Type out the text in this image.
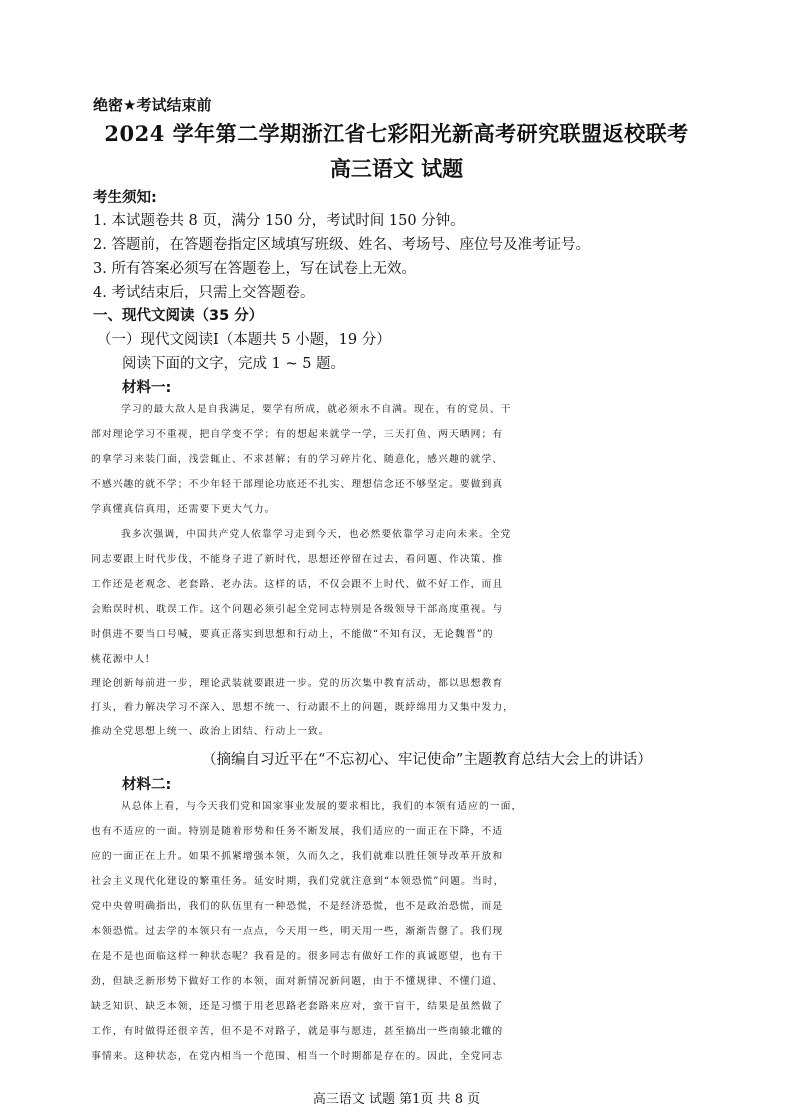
绝密★考试结束前
2024 学年第二学期浙江省七彩阳光新高考研究联盟返校联考
高三语文 试题
考生须知:
1. 本试题卷共 8 页，满分 150 分，考试时间 150 分钟。
2. 答题前，在答题卷指定区域填写班级、姓名、考场号、座位号及准考证号。
3. 所有答案必须写在答题卷上，写在试卷上无效。
4. 考试结束后，只需上交答题卷。
一、现代文阅读（35 分）
（一）现代文阅读Ⅰ（本题共 5 小题，19 分）
阅读下面的文字，完成 1 ~ 5 题。
材料一:
学习的最大敌人是自我满足，要学有所成，就必须永不自满。现在，有的党员、干
部对理论学习不重视，把自学变不学；有的想起来就学一学，三天打鱼、两天晒网；有
的拿学习来装门面，浅尝辄止、不求甚解；有的学习碎片化、随意化，感兴趣的就学、
不感兴趣的就不学；不少年轻干部理论功底还不扎实、理想信念还不够坚定。要做到真
学真懂真信真用，还需要下更大气力。
我多次强调，中国共产党人依靠学习走到今天，也必然要依靠学习走向未来。全党
同志要跟上时代步伐，不能身子进了新时代，思想还停留在过去，看问题、作决策、推
工作还是老观念、老套路、老办法。这样的话，不仅会跟不上时代、做不好工作，而且
会贻误时机、耽误工作。这个问题必须引起全党同志特别是各级领导干部高度重视。与
时俱进不要当口号喊，要真正落实到思想和行动上，不能做“不知有汉，无论魏晋”的
桃花源中人!
理论创新每前进一步，理论武装就要跟进一步。党的历次集中教育活动，都以思想教育
打头，着力解决学习不深入、思想不统一、行动跟不上的问题，既綍绵用力又集中发力，
推动全党思想上统一、政治上团结、行动上一致。
（摘编自习近平在“不忘初心、牢记使命”主题教育总结大会上的讲话）
材料二:
从总体上看，与今天我们党和国家事业发展的要求相比，我们的本领有适应的一面，
也有不适应的一面。特别是随着形势和任务不断发展，我们适应的一面正在下降，不适
应的一面正在上升。如果不抓紧增强本领，久而久之，我们就难以胜任领导改革开放和
社会主义现代化建设的繁重任务。延安时期，我们党就注意到“本领恐慌”问题。当时，
党中央曾明确指出，我们的队伍里有一种恐慌，不是经济恐慌，也不是政治恐慌，而是
本领恐慌。过去学的本领只有一点点，今天用一些，明天用一些，渐渐告罄了。我们现
在是不是也面临这样一种状态呢？我看是的。很多同志有做好工作的真诚愿望，也有干
劲，但缺乏新形势下做好工作的本领，面对新情况新问题，由于不懂规律、不懂门道、
缺乏知识、缺乏本领，还是习惯于用老思路老套路来应对，蛮干盲干，结果是虽然做了
工作，有时做得还很辛苦，但不是不对路子，就是事与愿违，甚至搞出一些南辕北辙的
事情来。这种状态，在党内相当一个范围、相当一个时期都是存在的。因此，全党同志
高三语文 试题 第1页 共 8 页
